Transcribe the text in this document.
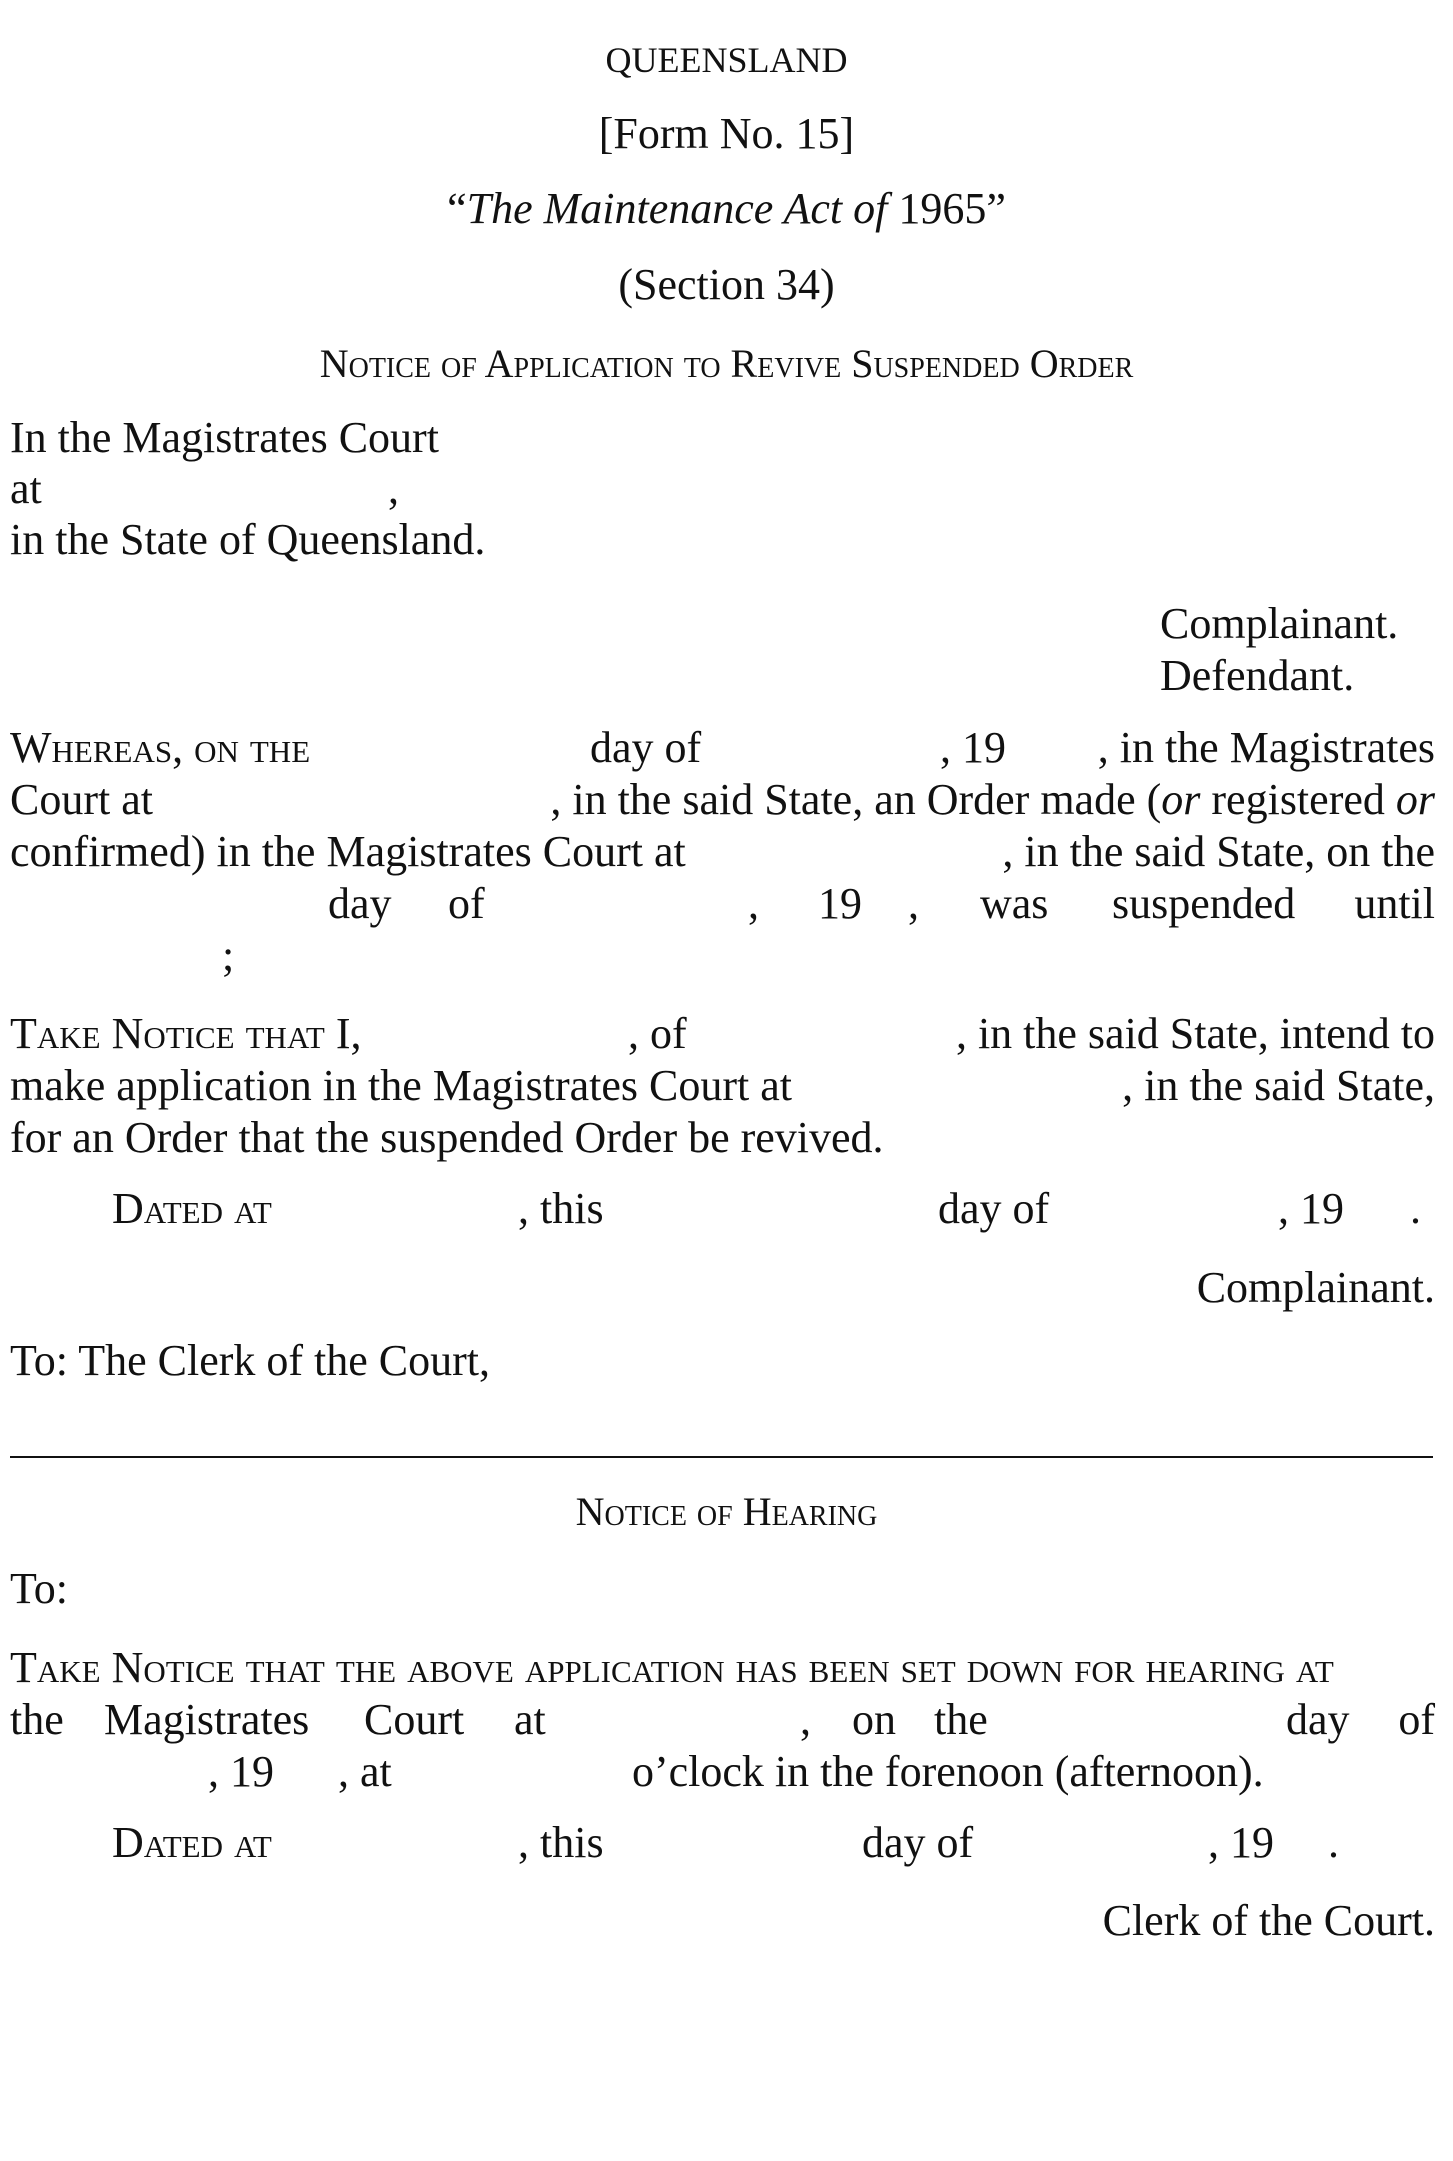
QUEENSLAND
[Form No. 15]
“The Maintenance Act of 1965”
(Section 34)
Notice of Application to Revive Suspended Order
In the Magistrates Court
at	,
in the State of Queensland.
Complainant.
Defendant.
Whereas, on the	day of	, 19 , in the Magistrates
Court at	, in the said State, an Order made (or registered or
confirmed) in the Magistrates Court at	, in the said State, on the
day of	, 19 , was suspended until
;
Take Notice that I,	, of	, in the said State, intend to
make application in the Magistrates Court at	, in the said State,
for an Order that the suspended Order be revived.
Dated at	, this	day of	, 19 .
Complainant.
To: The Clerk of the Court,
Notice of Hearing
To:
Take Notice that the above application has been set down for hearing at
the Magistrates Court at	, on the	day of
, 19 , at	o’clock in the forenoon (afternoon).
Dated at	, this	day of	, 19 .
Clerk of the Court.
